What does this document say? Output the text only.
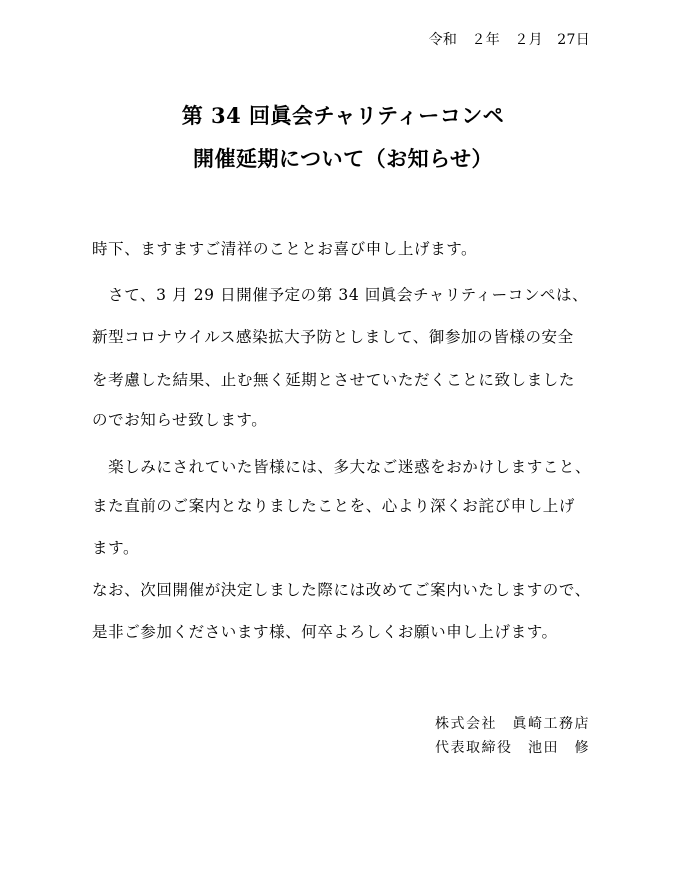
令和　２年　２月　27日
第 34 回眞会チャリティーコンペ
開催延期について（お知らせ）
時下、ますますご清祥のこととお喜び申し上げます。
　さて、3 月 29 日開催予定の第 34 回眞会チャリティーコンペは、
新型コロナウイルス感染拡大予防としまして、御参加の皆様の安全
を考慮した結果、止む無く延期とさせていただくことに致しました
のでお知らせ致します。
　楽しみにされていた皆様には、多大なご迷惑をおかけしますこと、
また直前のご案内となりましたことを、心より深くお詫び申し上げ
ます。
なお、次回開催が決定しました際には改めてご案内いたしますので、
是非ご参加くださいます様、何卒よろしくお願い申し上げます。
株式会社　眞崎工務店
代表取締役　池田　修
